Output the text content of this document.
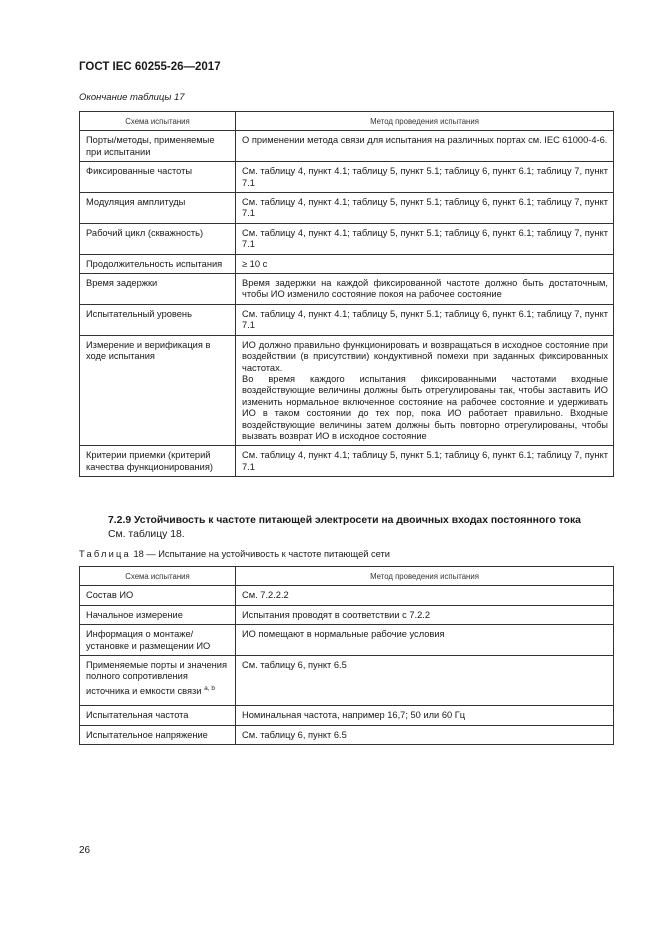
ГОСТ IEC 60255-26—2017
Окончание таблицы 17
Схема испытания	Метод проведения испытания
Порты/методы, применяемые при испытании	О применении метода связи для испытания на различных портах см. IEC 61000-4-6.
Фиксированные частоты	См. таблицу 4, пункт 4.1; таблицу 5, пункт 5.1; таблицу 6, пункт 6.1; таблицу 7, пункт 7.1
Модуляция амплитуды	См. таблицу 4, пункт 4.1; таблицу 5, пункт 5.1; таблицу 6, пункт 6.1; таблицу 7, пункт 7.1
Рабочий цикл (скважность)	См. таблицу 4, пункт 4.1; таблицу 5, пункт 5.1; таблицу 6, пункт 6.1; таблицу 7, пункт 7.1
Продолжительность испытания	≥ 10 с
Время задержки	Время задержки на каждой фиксированной частоте должно быть достаточным, чтобы ИО изменило состояние покоя на рабочее состояние
Испытательный уровень	См. таблицу 4, пункт 4.1; таблицу 5, пункт 5.1; таблицу 6, пункт 6.1; таблицу 7, пункт 7.1
Измерение и верификация в ходе испытания	ИО должно правильно функционировать и возвращаться в исходное состояние при воздействии (в присутствии) кондуктивной помехи при заданных фиксированных частотах.
Во время каждого испытания фиксированными частотами входные воздействующие величины должны быть отрегулированы так, чтобы заставить ИО изменить нормальное включенное состояние на рабочее состояние и удерживать ИО в таком состоянии до тех пор, пока ИО работает правильно. Входные воздействующие величины затем должны быть повторно отрегулированы, чтобы вызвать возврат ИО в исходное состояние

Критерии приемки (критерий качества функционирования)	См. таблицу 4, пункт 4.1; таблицу 5, пункт 5.1; таблицу 6, пункт 6.1; таблицу 7, пункт 7.1
7.2.9 Устойчивость к частоте питающей электросети на двоичных входах постоянного тока
См. таблицу 18.
Таблица 18 — Испытание на устойчивость к частоте питающей сети
Схема испытания	Метод проведения испытания
Состав ИО	См. 7.2.2.2
Начальное измерение	Испытания проводят в соответствии с 7.2.2
Информация о монтаже/установке и размещении ИО	ИО помещают в нормальные рабочие условия
Применяемые порты и значения полного сопротивления источника и емкости связи $^{a, b}$	См. таблицу 6, пункт 6.5
Испытательная частота	Номинальная частота, например 16,7; 50 или 60 Гц
Испытательное напряжение	См. таблицу 6, пункт 6.5
26
